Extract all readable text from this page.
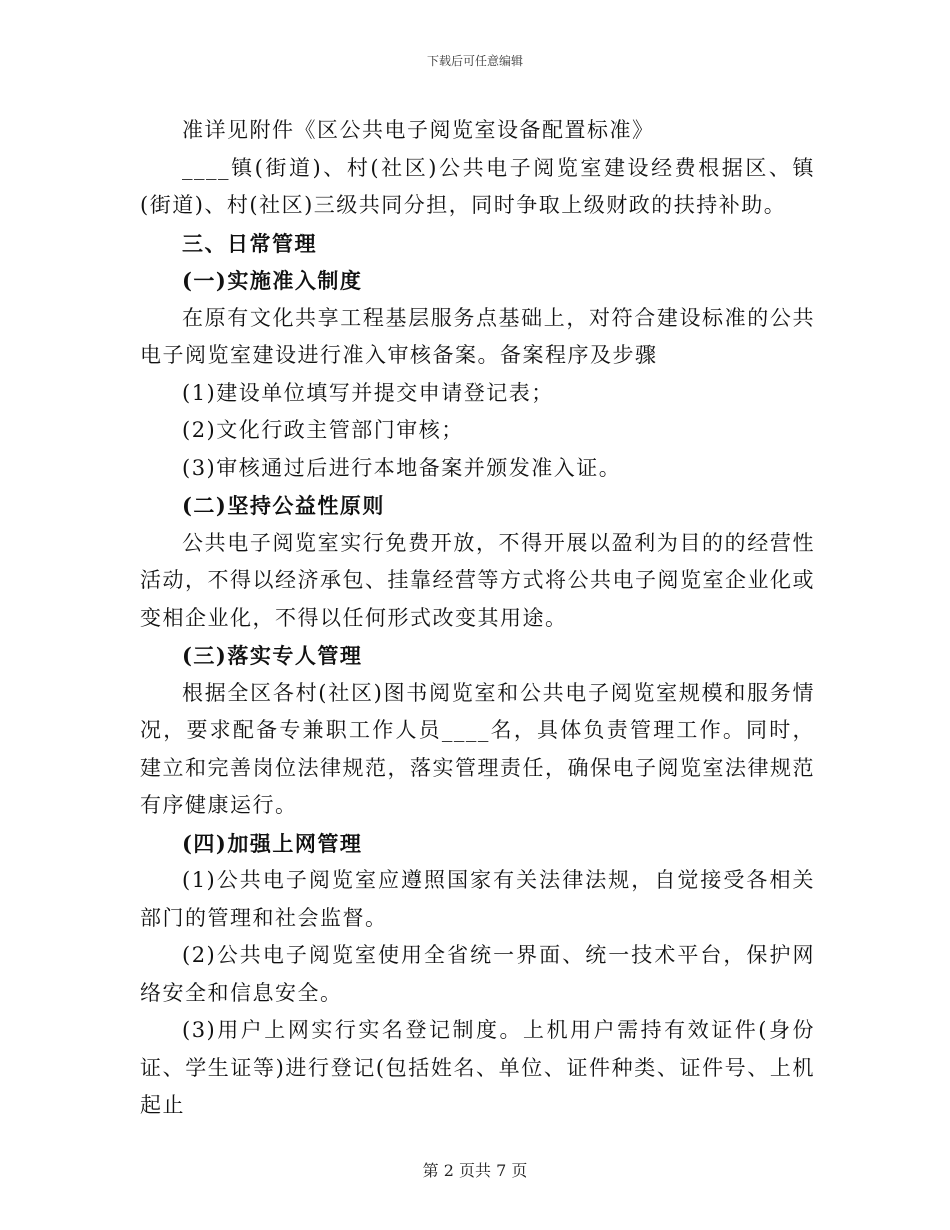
下载后可任意编辑

准详见附件《区公共电子阅览室设备配置标准》

____镇(街道)、村(社区)公共电子阅览室建设经费根据区、镇(街道)、村(社区)三级共同分担，同时争取上级财政的扶持补助。

三、日常管理

(一)实施准入制度

在原有文化共享工程基层服务点基础上，对符合建设标准的公共电子阅览室建设进行准入审核备案。备案程序及步骤

(1)建设单位填写并提交申请登记表；

(2)文化行政主管部门审核；

(3)审核通过后进行本地备案并颁发准入证。

(二)坚持公益性原则

公共电子阅览室实行免费开放，不得开展以盈利为目的的经营性活动，不得以经济承包、挂靠经营等方式将公共电子阅览室企业化或变相企业化，不得以任何形式改变其用途。

(三)落实专人管理

根据全区各村(社区)图书阅览室和公共电子阅览室规模和服务情况，要求配备专兼职工作人员____名，具体负责管理工作。同时，建立和完善岗位法律规范，落实管理责任，确保电子阅览室法律规范有序健康运行。

(四)加强上网管理

(1)公共电子阅览室应遵照国家有关法律法规，自觉接受各相关部门的管理和社会监督。

(2)公共电子阅览室使用全省统一界面、统一技术平台，保护网络安全和信息安全。

(3)用户上网实行实名登记制度。上机用户需持有效证件(身份证、学生证等)进行登记(包括姓名、单位、证件种类、证件号、上机起止

第 2 页共 7 页
